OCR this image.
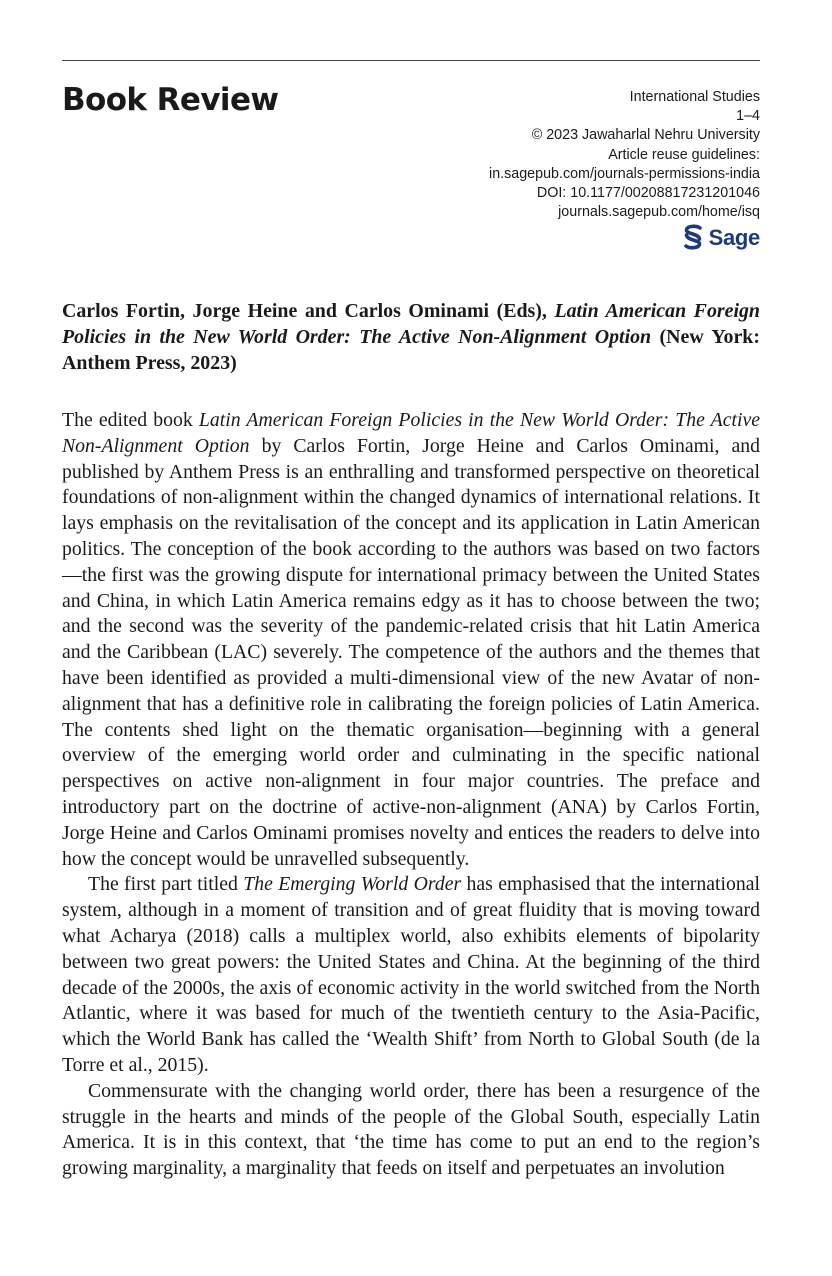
Book Review	International Studies
1–4
© 2023 Jawaharlal Nehru University
Article reuse guidelines:
in.sagepub.com/journals-permissions-india
DOI: 10.1177/00208817231201046
journals.sagepub.com/home/isq
Sage

Carlos Fortin, Jorge Heine and Carlos Ominami (Eds), Latin American Foreign Policies in the New World Order: The Active Non-Alignment Option (New York: Anthem Press, 2023)

The edited book Latin American Foreign Policies in the New World Order: The Active Non-Alignment Option by Carlos Fortin, Jorge Heine and Carlos Ominami, and published by Anthem Press is an enthralling and transformed perspective on theoretical foundations of non-alignment within the changed dynamics of international relations. It lays emphasis on the revitalisation of the concept and its application in Latin American politics. The conception of the book according to the authors was based on two factors—the first was the growing dispute for international primacy between the United States and China, in which Latin America remains edgy as it has to choose between the two; and the second was the severity of the pandemic-related crisis that hit Latin America and the Caribbean (LAC) severely. The competence of the authors and the themes that have been identified as provided a multi-dimensional view of the new Avatar of non-alignment that has a definitive role in calibrating the foreign policies of Latin America. The contents shed light on the thematic organisation—beginning with a general overview of the emerging world order and culminating in the specific national perspectives on active non-alignment in four major countries. The preface and introductory part on the doctrine of active-non-alignment (ANA) by Carlos Fortin, Jorge Heine and Carlos Ominami promises novelty and entices the readers to delve into how the concept would be unravelled subsequently.

The first part titled The Emerging World Order has emphasised that the international system, although in a moment of transition and of great fluidity that is moving toward what Acharya (2018) calls a multiplex world, also exhibits elements of bipolarity between two great powers: the United States and China. At the beginning of the third decade of the 2000s, the axis of economic activity in the world switched from the North Atlantic, where it was based for much of the twentieth century to the Asia-Pacific, which the World Bank has called the ‘Wealth Shift’ from North to Global South (de la Torre et al., 2015).

Commensurate with the changing world order, there has been a resurgence of the struggle in the hearts and minds of the people of the Global South, especially Latin America. It is in this context, that ‘the time has come to put an end to the region’s growing marginality, a marginality that feeds on itself and perpetuates an involution
